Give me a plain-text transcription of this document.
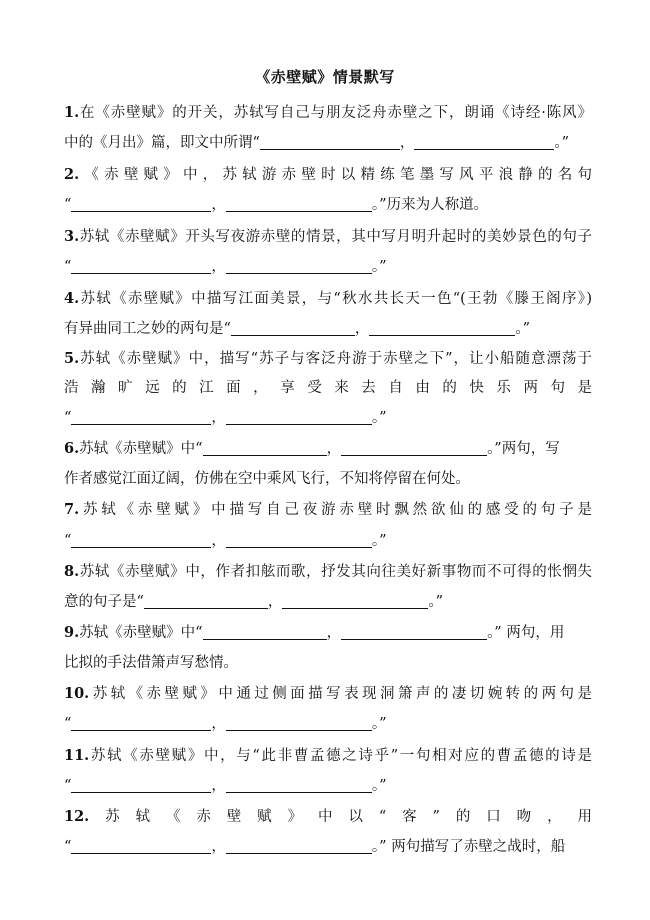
《赤壁赋》情景默写
1.在《赤壁赋》的开关，苏轼写自己与朋友泛舟赤壁之下，朗诵《诗经·陈风》
中的《月出》篇，即文中所谓“	，	。”
2.《赤壁赋》中，苏轼游赤壁时以精练笔墨写风平浪静的名句
“	，	。”历来为人称道。
3.苏轼《赤壁赋》开头写夜游赤壁的情景，其中写月明升起时的美妙景色的句子
“	，	。”
4.苏轼《赤壁赋》中描写江面美景，与“秋水共长天一色“(王勃《滕王阁序》)
有异曲同工之妙的两句是“	，	。”
5.苏轼《赤壁赋》中，描写“苏子与客泛舟游于赤壁之下”，让小船随意漂荡于
浩瀚旷远的江面，享受来去自由的快乐两句是
“	，	。”
6.苏轼《赤壁赋》中“	，	。”两句，写
作者感觉江面辽阔，仿佛在空中乘风飞行，不知将停留在何处。
7.苏轼《赤壁赋》中描写自己夜游赤壁时飘然欲仙的感受的句子是
“	，	。”
8.苏轼《赤壁赋》中，作者扣舷而歌，抒发其向往美好新事物而不可得的怅惘失
意的句子是“	，	。”
9.苏轼《赤壁赋》中“	，	。” 两句，用
比拟的手法借箫声写愁情。
10.苏轼《赤壁赋》中通过侧面描写表现洞箫声的凄切婉转的两句是
“	，	。”
11.苏轼《赤壁赋》中，与“此非曹孟德之诗乎”一句相对应的曹孟德的诗是
“	，	。”
12.苏轼《赤壁赋》中以“客”的口吻，用
“	，	。” 两句描写了赤壁之战时，船
